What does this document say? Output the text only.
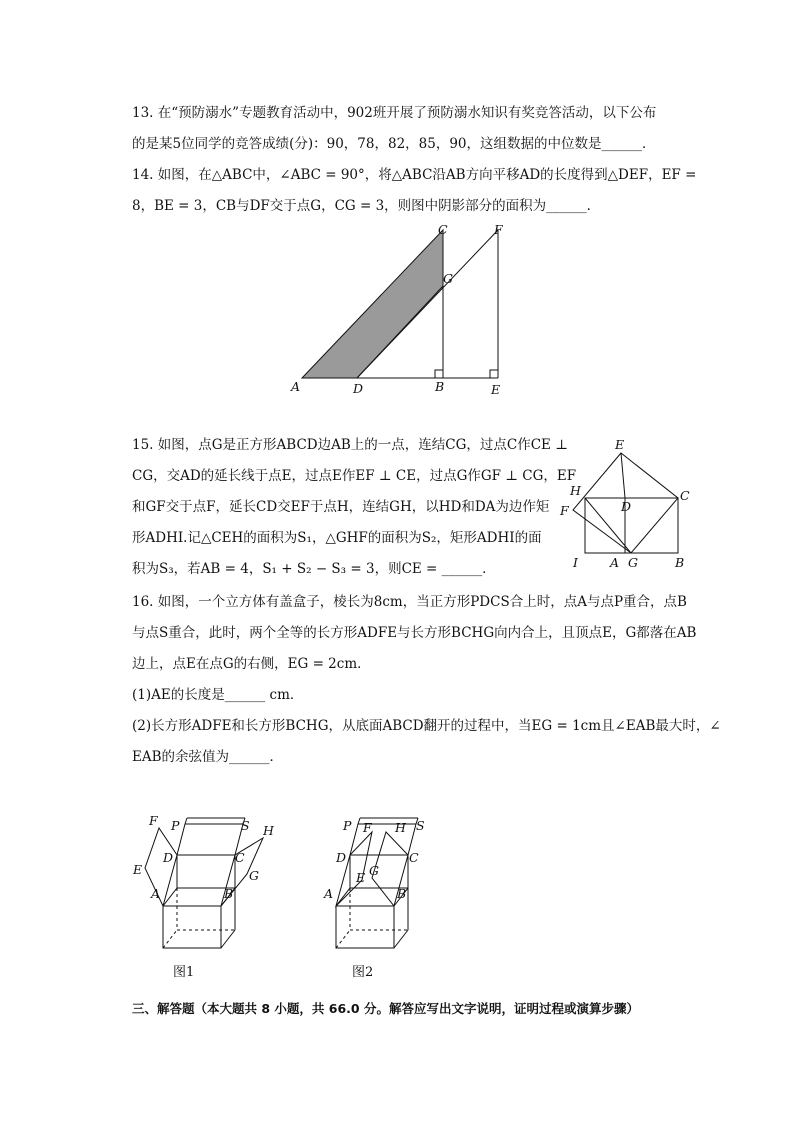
13. 在“预防溺水”专题教育活动中，902班开展了预防溺水知识有奖竞答活动，以下公布
的是某5位同学的竞答成绩(分)：90，78，82，85，90，这组数据的中位数是______．
14. 如图，在△ABC中，∠ABC = 90°，将△ABC沿AB方向平移AD的长度得到△DEF，EF =
8，BE = 3，CB与DF交于点G，CG = 3，则图中阴影部分的面积为______．
A	D	B	E
C	F
G
15. 如图，点G是正方形ABCD边AB上的一点，连结CG，过点C作CE ⊥
CG，交AD的延长线于点E，过点E作EF ⊥ CE，过点G作GF ⊥ CG，EF
和GF交于点F，延长CD交EF于点H，连结GH，以HD和DA为边作矩
形ADHI.记△CEH的面积为S₁，△GHF的面积为S₂，矩形ADHI的面
积为S₃，若AB = 4，S₁ + S₂ − S₃ = 3，则CE = ______．
E
H
D
C
F
I	A G	B
16. 如图，一个立方体有盖盒子，棱长为8cm，当正方形PDCS合上时，点A与点P重合，点B
与点S重合，此时，两个全等的长方形ADFE与长方形BCHG向内合上，且顶点E，G都落在AB
边上，点E在点G的右侧，EG = 2cm．
(1)AE的长度是______ cm．
(2)长方形ADFE和长方形BCHG，从底面ABCD翻开的过程中，当EG = 1cm且∠EAB最大时，∠
EAB的余弦值为______．
F P	S H
D	C
E	G
A	B
图1
P F H S
D	C
E G
A	B
图2
三、解答题（本大题共 8 小题，共 66.0 分。解答应写出文字说明，证明过程或演算步骤）
